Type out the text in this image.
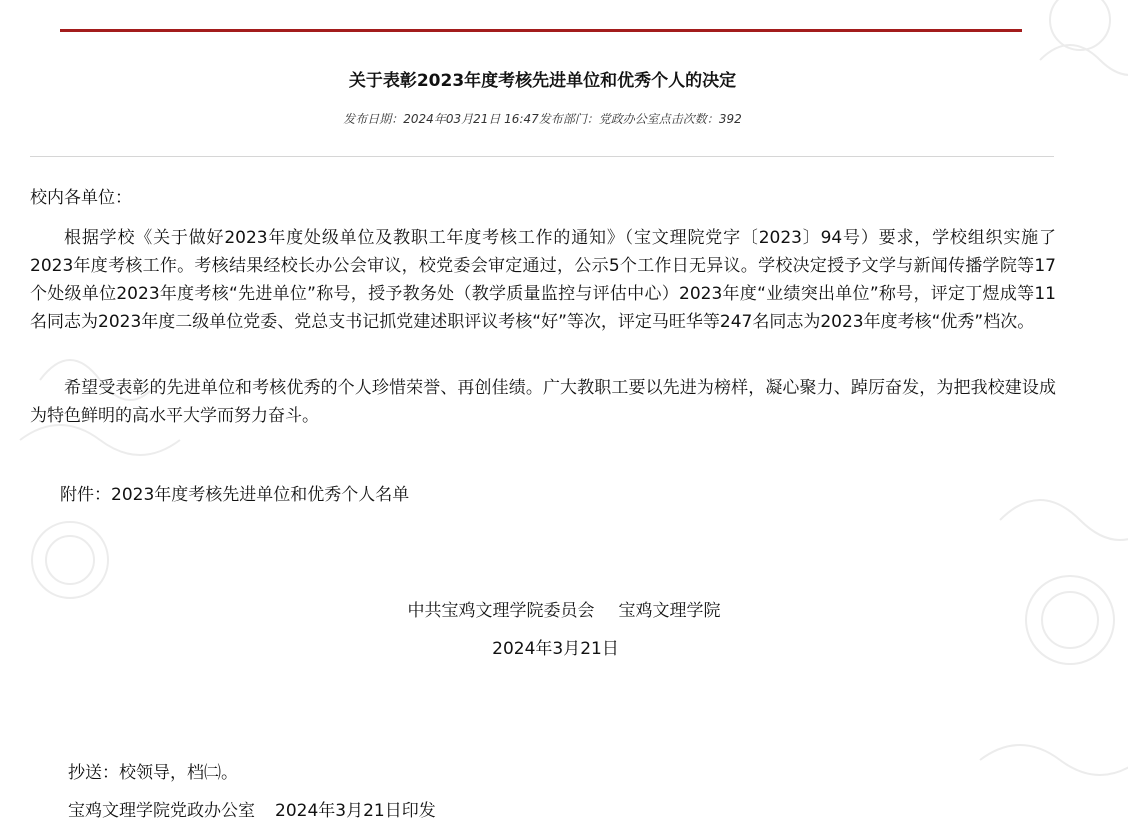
关于表彰2023年度考核先进单位和优秀个人的决定
发布日期：2024年03月21日 16:47发布部门：党政办公室点击次数：392
校内各单位：

根据学校《关于做好2023年度处级单位及教职工年度考核工作的通知》（宝文理院党字〔2023〕94号）要求，学校组织实施了2023年度考核工作。考核结果经校长办公会审议，校党委会审定通过，公示5个工作日无异议。学校决定授予文学与新闻传播学院等17个处级单位2023年度考核“先进单位”称号，授予教务处（教学质量监控与评估中心）2023年度“业绩突出单位”称号，评定丁煜成等11名同志为2023年度二级单位党委、党总支书记抓党建述职评议考核“好”等次，评定马旺华等247名同志为2023年度考核“优秀”档次。

希望受表彰的先进单位和考核优秀的个人珍惜荣誉、再创佳绩。广大教职工要以先进为榜样，凝心聚力、踔厉奋发，为把我校建设成为特色鲜明的高水平大学而努力奋斗。

附件：2023年度考核先进单位和优秀个人名单
中共宝鸡文理学院委员会 宝鸡文理学院
2024年3月21日
抄送：校领导，档㈡。
宝鸡文理学院党政办公室 2024年3月21日印发
